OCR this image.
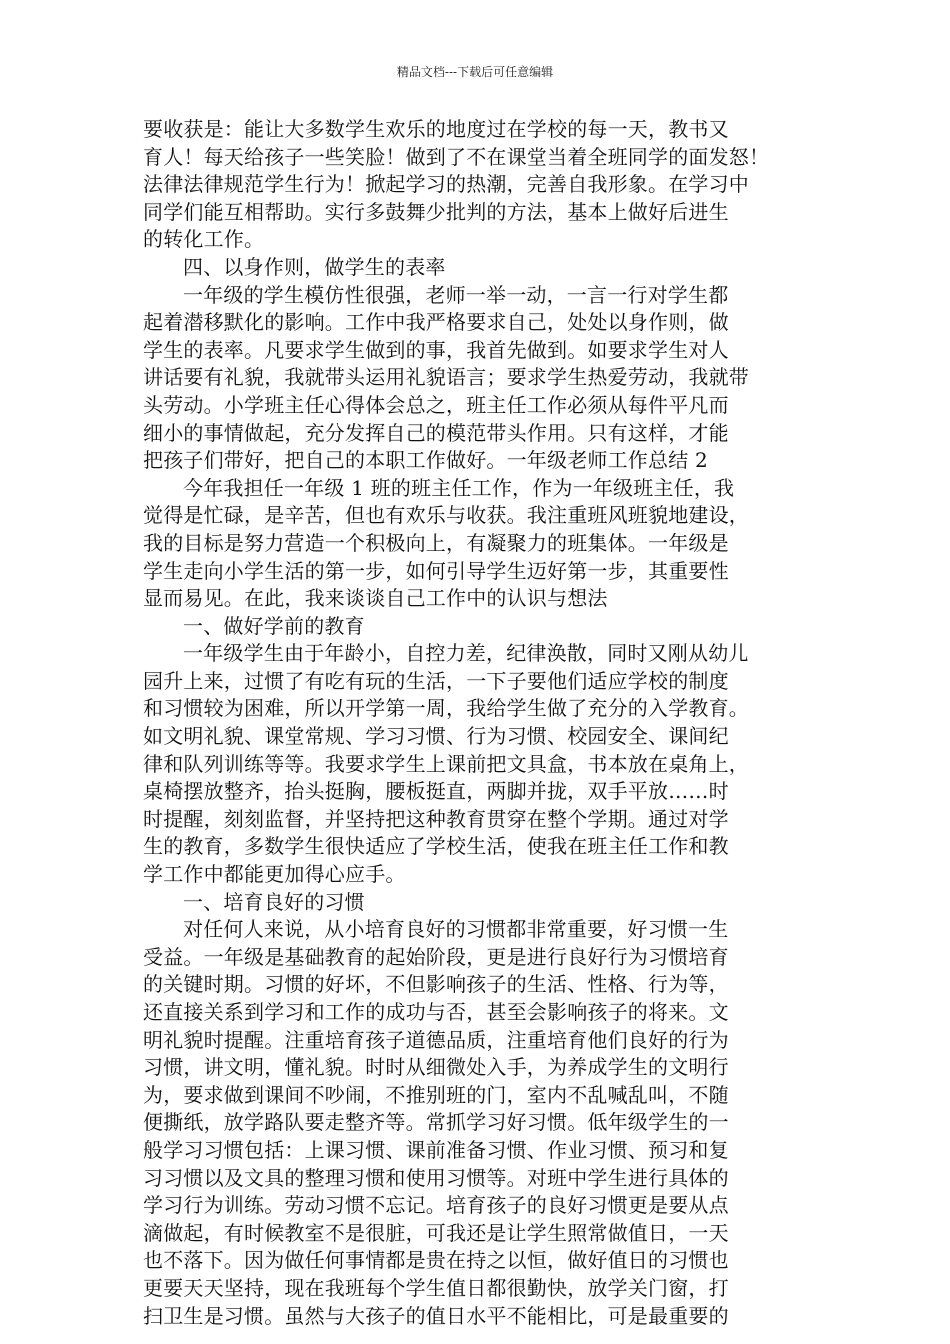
精品文档---下载后可任意编辑
要收获是：能让大多数学生欢乐的地度过在学校的每一天，教书又
育人！每天给孩子一些笑脸！做到了不在课堂当着全班同学的面发怒！
法律法律规范学生行为！掀起学习的热潮，完善自我形象。在学习中
同学们能互相帮助。实行多鼓舞少批判的方法，基本上做好后进生
的转化工作。
四、以身作则，做学生的表率
一年级的学生模仿性很强，老师一举一动，一言一行对学生都
起着潜移默化的影响。工作中我严格要求自己，处处以身作则，做
学生的表率。凡要求学生做到的事，我首先做到。如要求学生对人
讲话要有礼貌，我就带头运用礼貌语言；要求学生热爱劳动，我就带
头劳动。小学班主任心得体会总之，班主任工作必须从每件平凡而
细小的事情做起，充分发挥自己的模范带头作用。只有这样，才能
把孩子们带好，把自己的本职工作做好。一年级老师工作总结 2
今年我担任一年级 1 班的班主任工作，作为一年级班主任，我
觉得是忙碌，是辛苦，但也有欢乐与收获。我注重班风班貌地建设，
我的目标是努力营造一个积极向上，有凝聚力的班集体。一年级是
学生走向小学生活的第一步，如何引导学生迈好第一步，其重要性
显而易见。在此，我来谈谈自己工作中的认识与想法
一、做好学前的教育
一年级学生由于年龄小，自控力差，纪律涣散，同时又刚从幼儿
园升上来，过惯了有吃有玩的生活，一下子要他们适应学校的制度
和习惯较为困难，所以开学第一周，我给学生做了充分的入学教育。
如文明礼貌、课堂常规、学习习惯、行为习惯、校园安全、课间纪
律和队列训练等等。我要求学生上课前把文具盒，书本放在桌角上，
桌椅摆放整齐，抬头挺胸，腰板挺直，两脚并拢，双手平放……时
时提醒，刻刻监督，并坚持把这种教育贯穿在整个学期。通过对学
生的教育，多数学生很快适应了学校生活，使我在班主任工作和教
学工作中都能更加得心应手。
一、培育良好的习惯
对任何人来说，从小培育良好的习惯都非常重要，好习惯一生
受益。一年级是基础教育的起始阶段，更是进行良好行为习惯培育
的关键时期。习惯的好坏，不但影响孩子的生活、性格、行为等，
还直接关系到学习和工作的成功与否，甚至会影响孩子的将来。文
明礼貌时提醒。注重培育孩子道德品质，注重培育他们良好的行为
习惯，讲文明，懂礼貌。时时从细微处入手，为养成学生的文明行
为，要求做到课间不吵闹，不推别班的门，室内不乱喊乱叫，不随
便撕纸，放学路队要走整齐等。常抓学习好习惯。低年级学生的一
般学习习惯包括：上课习惯、课前准备习惯、作业习惯、预习和复
习习惯以及文具的整理习惯和使用习惯等。对班中学生进行具体的
学习行为训练。劳动习惯不忘记。培育孩子的良好习惯更是要从点
滴做起，有时候教室不是很脏，可我还是让学生照常做值日，一天
也不落下。因为做任何事情都是贵在持之以恒，做好值日的习惯也
更要天天坚持，现在我班每个学生值日都很勤快，放学关门窗，打
扫卫生是习惯。虽然与大孩子的值日水平不能相比，可是最重要的
